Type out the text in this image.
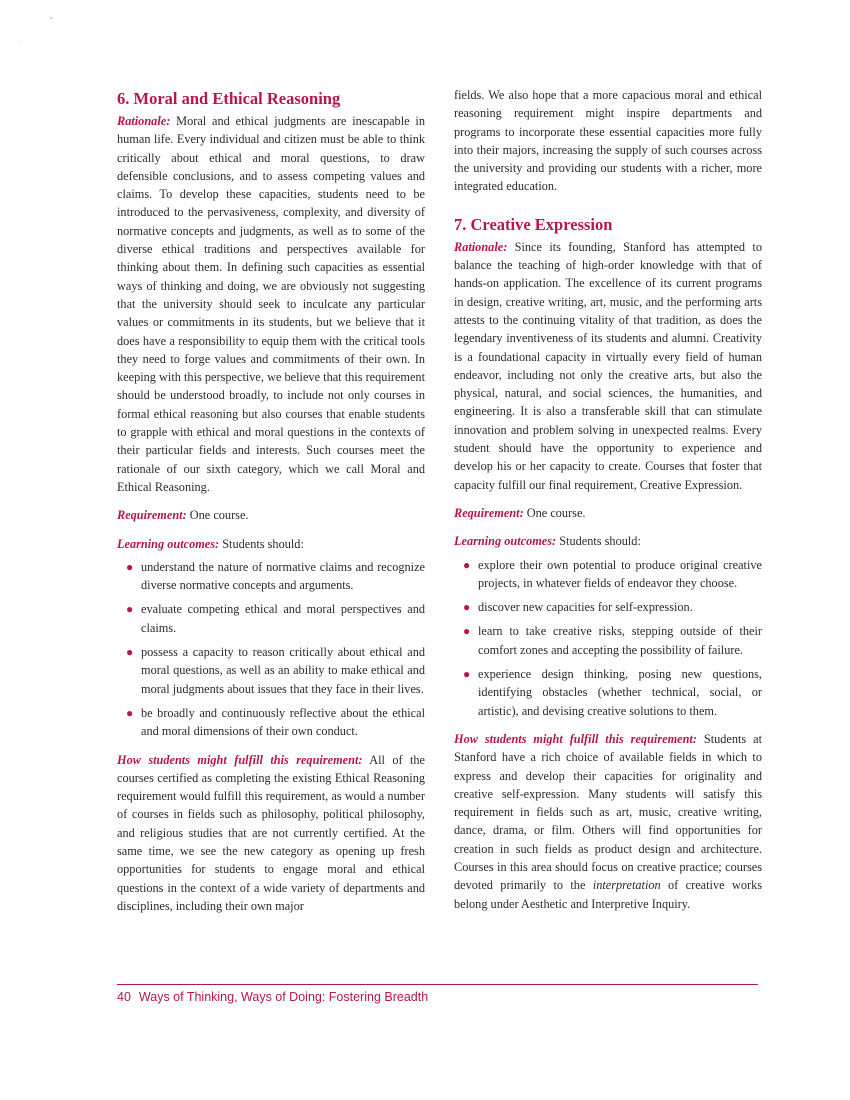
•
ˊ
6. Moral and Ethical Reasoning

Rationale: Moral and ethical judgments are inescapable in human life. Every individual and citizen must be able to think critically about ethical and moral questions, to draw defensible conclusions, and to assess competing values and claims. To develop these capacities, students need to be introduced to the pervasiveness, complexity, and diversity of normative concepts and judgments, as well as to some of the diverse ethical traditions and perspectives available for thinking about them. In defining such capacities as essential ways of thinking and doing, we are obviously not suggesting that the university should seek to inculcate any particular values or commitments in its students, but we believe that it does have a responsibility to equip them with the critical tools they need to forge values and commitments of their own. In keeping with this perspective, we believe that this requirement should be understood broadly, to include not only courses in formal ethical reasoning but also courses that enable students to grapple with ethical and moral questions in the contexts of their particular fields and interests. Such courses meet the rationale of our sixth category, which we call Moral and Ethical Reasoning.

Requirement: One course.

Learning outcomes: Students should:

● understand the nature of normative claims and recognize diverse normative concepts and arguments.
● evaluate competing ethical and moral perspectives and claims.
● possess a capacity to reason critically about ethical and moral questions, as well as an ability to make ethical and moral judgments about issues that they face in their lives.
● be broadly and continuously reflective about the ethical and moral dimensions of their own conduct.

How students might fulfill this requirement: All of the courses certified as completing the existing Ethical Reasoning requirement would fulfill this requirement, as would a number of courses in fields such as philosophy, political philosophy, and religious studies that are not currently certified. At the same time, we see the new category as opening up fresh opportunities for students to engage moral and ethical questions in the context of a wide variety of departments and disciplines, including their own major

fields. We also hope that a more capacious moral and ethical reasoning requirement might inspire departments and programs to incorporate these essential capacities more fully into their majors, increasing the supply of such courses across the university and providing our students with a richer, more integrated education.

7. Creative Expression

Rationale: Since its founding, Stanford has attempted to balance the teaching of high-order knowledge with that of hands-on application. The excellence of its current programs in design, creative writing, art, music, and the performing arts attests to the continuing vitality of that tradition, as does the legendary inventiveness of its students and alumni. Creativity is a foundational capacity in virtually every field of human endeavor, including not only the creative arts, but also the physical, natural, and social sciences, the humanities, and engineering. It is also a transferable skill that can stimulate innovation and problem solving in unexpected realms. Every student should have the opportunity to experience and develop his or her capacity to create. Courses that foster that capacity fulfill our final requirement, Creative Expression.

Requirement: One course.

Learning outcomes: Students should:

● explore their own potential to produce original creative projects, in whatever fields of endeavor they choose.
● discover new capacities for self-expression.
● learn to take creative risks, stepping outside of their comfort zones and accepting the possibility of failure.
● experience design thinking, posing new questions, identifying obstacles (whether technical, social, or artistic), and devising creative solutions to them.

How students might fulfill this requirement: Students at Stanford have a rich choice of available fields in which to express and develop their capacities for originality and creative self-expression. Many students will satisfy this requirement in fields such as art, music, creative writing, dance, drama, or film. Others will find opportunities for creation in such fields as product design and architecture. Courses in this area should focus on creative practice; courses devoted primarily to the interpretation of creative works belong under Aesthetic and Interpretive Inquiry.

40 Ways of Thinking, Ways of Doing: Fostering Breadth
